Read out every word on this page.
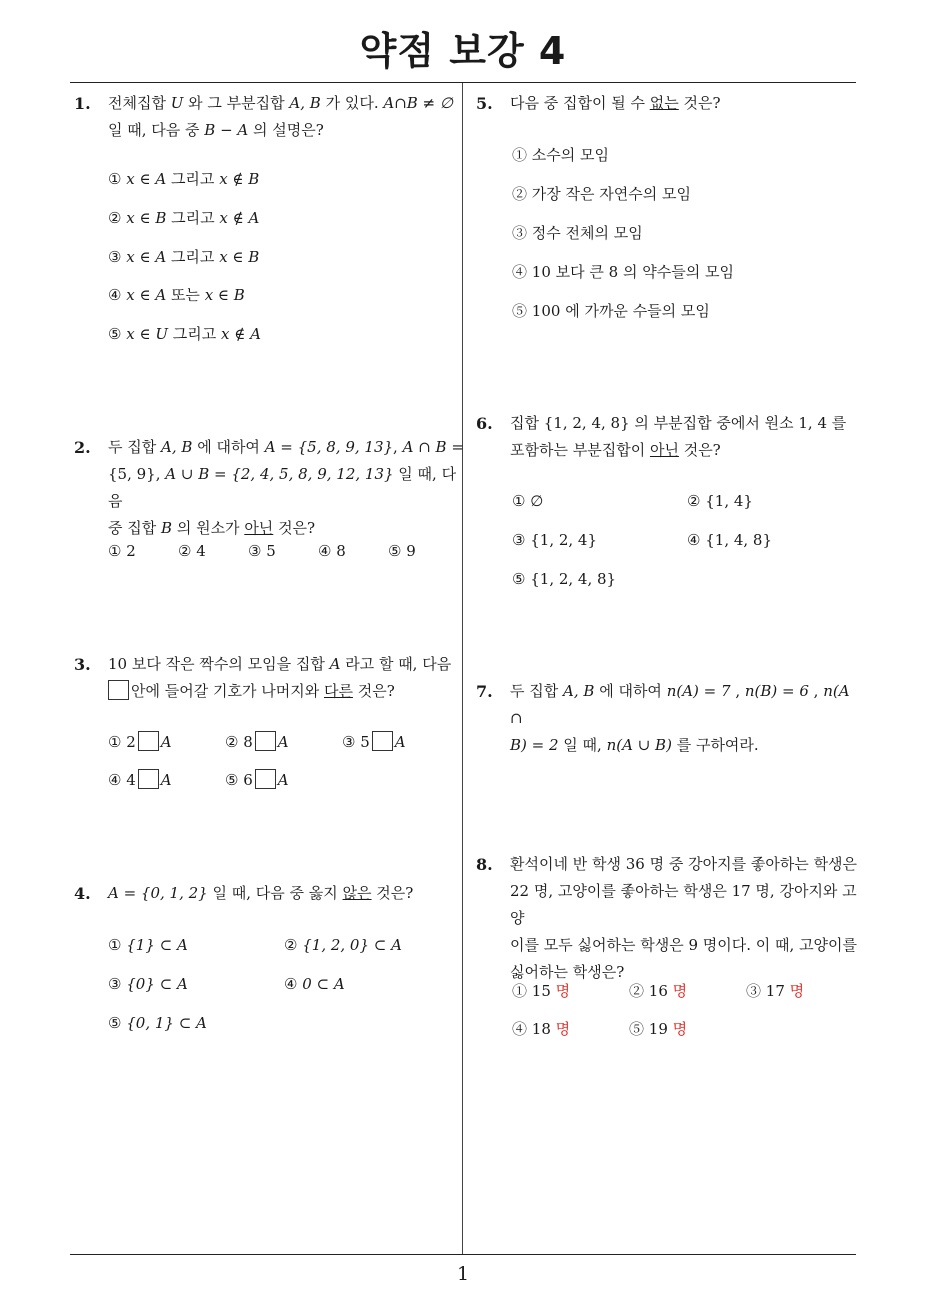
약점 보강 4
1. 전체집합 U 와 그 부분집합 A, B 가 있다. A∩B ≠ ∅
일 때, 다음 중 B − A 의 설명은?
① x ∈ A 그리고 x ∉ B
② x ∈ B 그리고 x ∉ A
③ x ∈ A 그리고 x ∈ B
④ x ∈ A 또는 x ∈ B
⑤ x ∈ U 그리고 x ∉ A
2. 두 집합 A, B 에 대하여 A = {5, 8, 9, 13}, A ∩ B =
{5, 9}, A ∪ B = {2, 4, 5, 8, 9, 12, 13} 일 때, 다음
중 집합 B 의 원소가 아닌 것은?
① 2	② 4	③ 5	④ 8	⑤ 9
3. 10 보다 작은 짝수의 모임을 집합 A 라고 할 때, 다음
안에 들어갈 기호가 나머지와 다른 것은?
① 2 A	② 8 A	③ 5 A
④ 4 A	⑤ 6 A
4. A = {0, 1, 2} 일 때, 다음 중 옳지 않은 것은?
① {1} ⊂ A	② {1, 2, 0} ⊂ A
③ {0} ⊂ A	④ 0 ⊂ A
⑤ {0, 1} ⊂ A
5. 다음 중 집합이 될 수 없는 것은?
① 소수의 모임
② 가장 작은 자연수의 모임
③ 정수 전체의 모임
④ 10 보다 큰 8 의 약수들의 모임
⑤ 100 에 가까운 수들의 모임
6. 집합 {1, 2, 4, 8} 의 부분집합 중에서 원소 1, 4 를
포함하는 부분집합이 아닌 것은?
① ∅	② {1, 4}
③ {1, 2, 4}	④ {1, 4, 8}
⑤ {1, 2, 4, 8}
7. 두 집합 A, B 에 대하여 n(A) = 7 , n(B) = 6 , n(A ∩
B) = 2 일 때, n(A ∪ B) 를 구하여라.
8. 환석이네 반 학생 36 명 중 강아지를 좋아하는 학생은
22 명, 고양이를 좋아하는 학생은 17 명, 강아지와 고양
이를 모두 싫어하는 학생은 9 명이다. 이 때, 고양이를
싫어하는 학생은?
① 15 명	② 16 명	③ 17 명
④ 18 명	⑤ 19 명
1
